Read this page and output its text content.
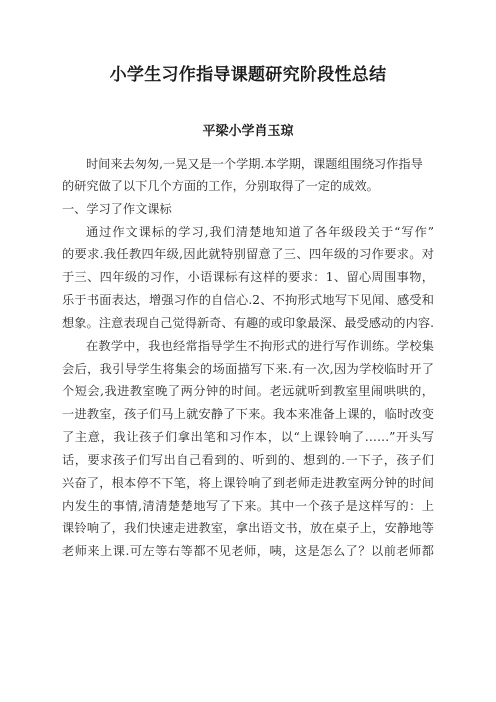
小学生习作指导课题研究阶段性总结

平梁小学肖玉琼

时间来去匆匆,一晃又是一个学期.本学期，课题组围绕习作指导

的研究做了以下几个方面的工作，分别取得了一定的成效。

一、学习了作文课标

通过作文课标的学习,我们清楚地知道了各年级段关于“写作”

的要求.我任教四年级,因此就特别留意了三、四年级的习作要求。对

于三、四年级的习作，小语课标有这样的要求：1、留心周围事物，

乐于书面表达，增强习作的自信心.2、不拘形式地写下见闻、感受和

想象。注意表现自己觉得新奇、有趣的或印象最深、最受感动的内容.

在教学中，我也经常指导学生不拘形式的进行写作训练。学校集

会后，我引导学生将集会的场面描写下来.有一次,因为学校临时开了

个短会,我进教室晚了两分钟的时间。老远就听到教室里闹哄哄的，

一进教室，孩子们马上就安静了下来。我本来准备上课的，临时改变

了主意，我让孩子们拿出笔和习作本，以“上课铃响了……”开头写

话，要求孩子们写出自己看到的、听到的、想到的.一下子，孩子们

兴奋了，根本停不下笔，将上课铃响了到老师走进教室两分钟的时间

内发生的事情,清清楚楚地写了下来。其中一个孩子是这样写的：上

课铃响了，我们快速走进教室，拿出语文书，放在桌子上，安静地等

老师来上课.可左等右等都不见老师，咦，这是怎么了？以前老师都
